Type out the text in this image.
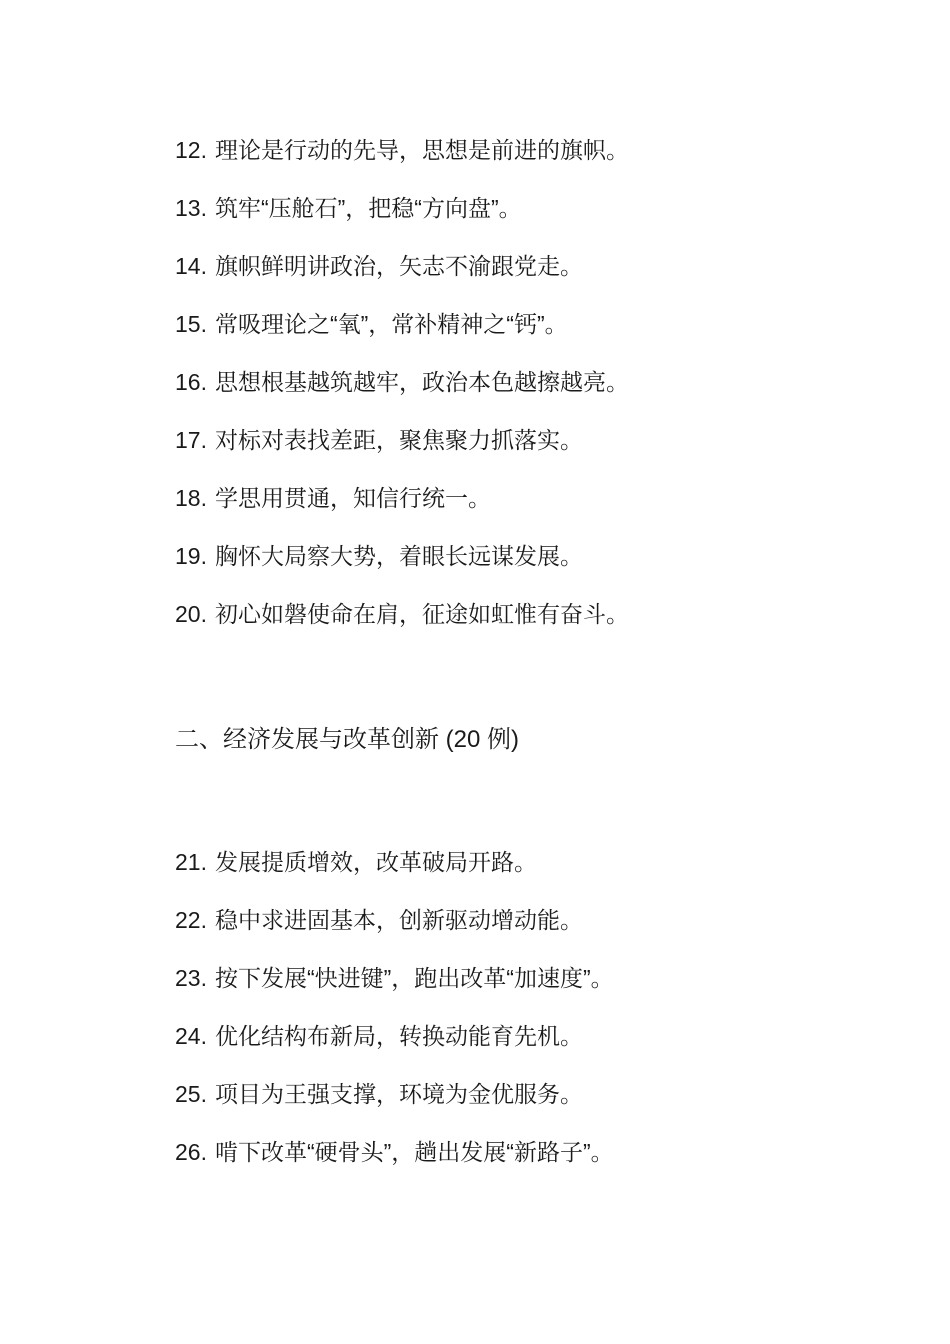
12. 理论是行动的先导，思想是前进的旗帜。

13. 筑牢“压舱石”，把稳“方向盘”。

14. 旗帜鲜明讲政治，矢志不渝跟党走。

15. 常吸理论之“氧”，常补精神之“钙”。

16. 思想根基越筑越牢，政治本色越擦越亮。

17. 对标对表找差距，聚焦聚力抓落实。

18. 学思用贯通，知信行统一。

19. 胸怀大局察大势，着眼长远谋发展。

20. 初心如磐使命在肩，征途如虹惟有奋斗。

二、经济发展与改革创新 (20 例)

21. 发展提质增效，改革破局开路。

22. 稳中求进固基本，创新驱动增动能。

23. 按下发展“快进键”，跑出改革“加速度”。

24. 优化结构布新局，转换动能育先机。

25. 项目为王强支撑，环境为金优服务。

26. 啃下改革“硬骨头”，趟出发展“新路子”。
